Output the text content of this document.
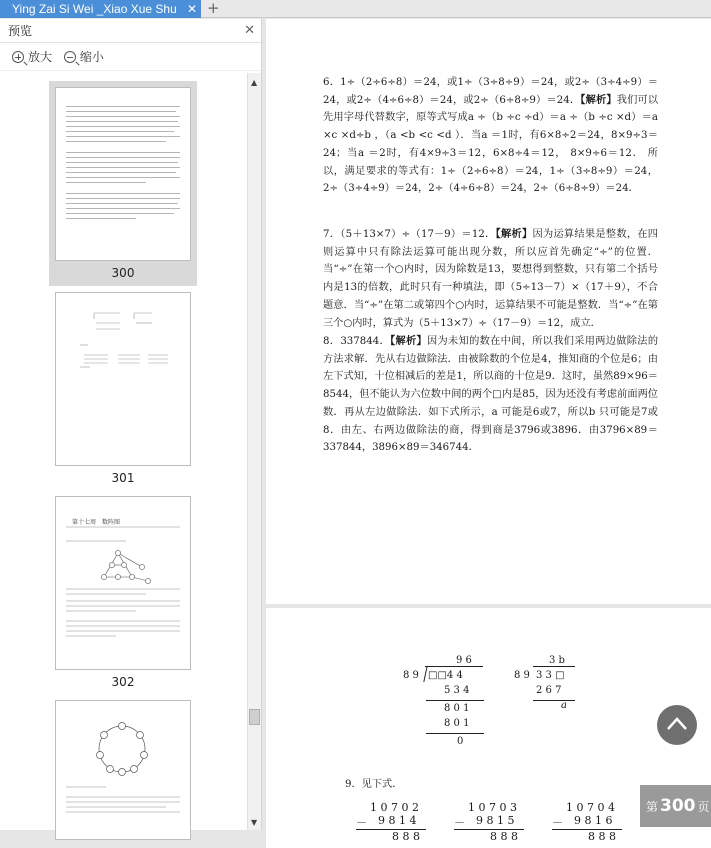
Ying Zai Si Wei _Xiao Xue Shu ✕ +
预览	✕
放大
缩小
300
301
第十七周　数阵图
302
▲
▼
6．1÷（2÷6÷8）＝24，或1÷（3÷8÷9）＝24，或2÷（3÷4÷9）＝24，或2÷（4÷6÷8）＝24，或2÷（6÷8÷9）＝24．【解析】我们可以先用字母代替数字，原等式写成a ÷（b ÷c ÷d）＝a ÷（b ÷c ×d）＝a ×c ×d÷b ，（a <b <c <d ）．当a ＝1时，有6×8÷2＝24，8×9÷3＝24；当a ＝2时，有4×9÷3＝12，6×8÷4＝12， 8×9÷6＝12． 所以，满足要求的等式有：1÷（2÷6÷8）＝24，1÷（3÷8÷9）＝24，2÷（3÷4÷9）＝24，2÷（4÷6÷8）＝24，2÷（6÷8÷9）＝24．
7．（5＋13×7）÷（17－9）＝12．【解析】因为运算结果是整数，在四则运算中只有除法运算可能出现分数，所以应首先确定“÷”的位置．当“÷”在第一个○内时，因为除数是13，要想得到整数，只有第二个括号内是13的倍数，此时只有一种填法，即（5÷13－7）×（17＋9），不合题意．当“÷”在第二或第四个○内时，运算结果不可能是整数．当“÷”在第三个○内时，算式为（5＋13×7）÷（17－9）＝12，成立．
8．337844．【解析】因为未知的数在中间，所以我们采用两边做除法的方法求解．先从右边做除法．由被除数的个位是4，推知商的个位是6；由左下式知，十位相减后的差是1，所以商的十位是9．这时，虽然89×96＝8544，但不能认为六位数中间的两个□内是85，因为还没有考虑前面两位数．再从左边做除法．如下式所示，a 可能是6或7，所以b 只可能是7或8．由左、右两边做除法的商，得到商是3796或3896．由3796×89＝337844，3896×89＝346744．
9 6
8 9 □□4 4
5 3 4
8 0 1
8 0 1
0
3 b
8 9 3 3 □
2 6 7
a
9．见下式．
1 0 7 0 2
－ 9 8 1 4
8 8 8
1 0 7 0 3
－ 9 8 1 5
8 8 8
1 0 7 0 4
－ 9 8 1 6
8 8 8
第 300 页
